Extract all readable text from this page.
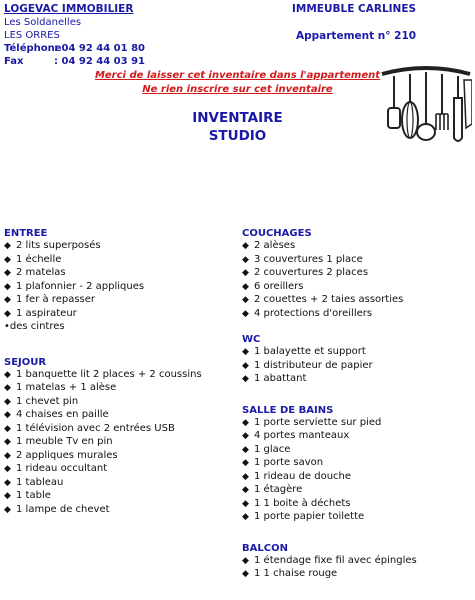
LOGEVAC IMMOBILIER
Les Soldanelles
LES ORRES
Téléphone: 04 92 44 01 80
Fax	: 04 92 44 03 91
IMMEUBLE CARLINES
Appartement n° 210
Merci de laisser cet inventaire dans l'appartement
Ne rien inscrire sur cet inventaire
INVENTAIRE
STUDIO
ENTREE
◆ 2 lits superposés
◆ 1 échelle
◆ 2 matelas
◆ 1 plafonnier - 2 appliques
◆ 1 fer à repasser
◆ 1 aspirateur
•des cintres
SEJOUR
◆ 1 banquette lit 2 places + 2 coussins
◆ 1 matelas + 1 alèse
◆ 1 chevet pin
◆ 4 chaises en paille
◆ 1 télévision avec 2 entrées USB
◆ 1 meuble Tv en pin
◆ 2 appliques murales
◆ 1 rideau occultant
◆ 1 tableau
◆ 1 table
◆ 1 lampe de chevet
COUCHAGES
◆ 2 alèses
◆ 3 couvertures 1 place
◆ 2 couvertures 2 places
◆ 6 oreillers
◆ 2 couettes + 2 taies assorties
◆ 4 protections d'oreillers
WC
◆ 1 balayette et support
◆ 1 distributeur de papier
◆ 1 abattant
SALLE DE BAINS
◆ 1 porte serviette sur pied
◆ 4 portes manteaux
◆ 1 glace
◆ 1 porte savon
◆ 1 rideau de douche
◆ 1 étagère
◆ 1 1 boite à déchets
◆ 1 porte papier toilette
BALCON
◆ 1 étendage fixe fil avec épingles
◆ 1 1 chaise rouge
